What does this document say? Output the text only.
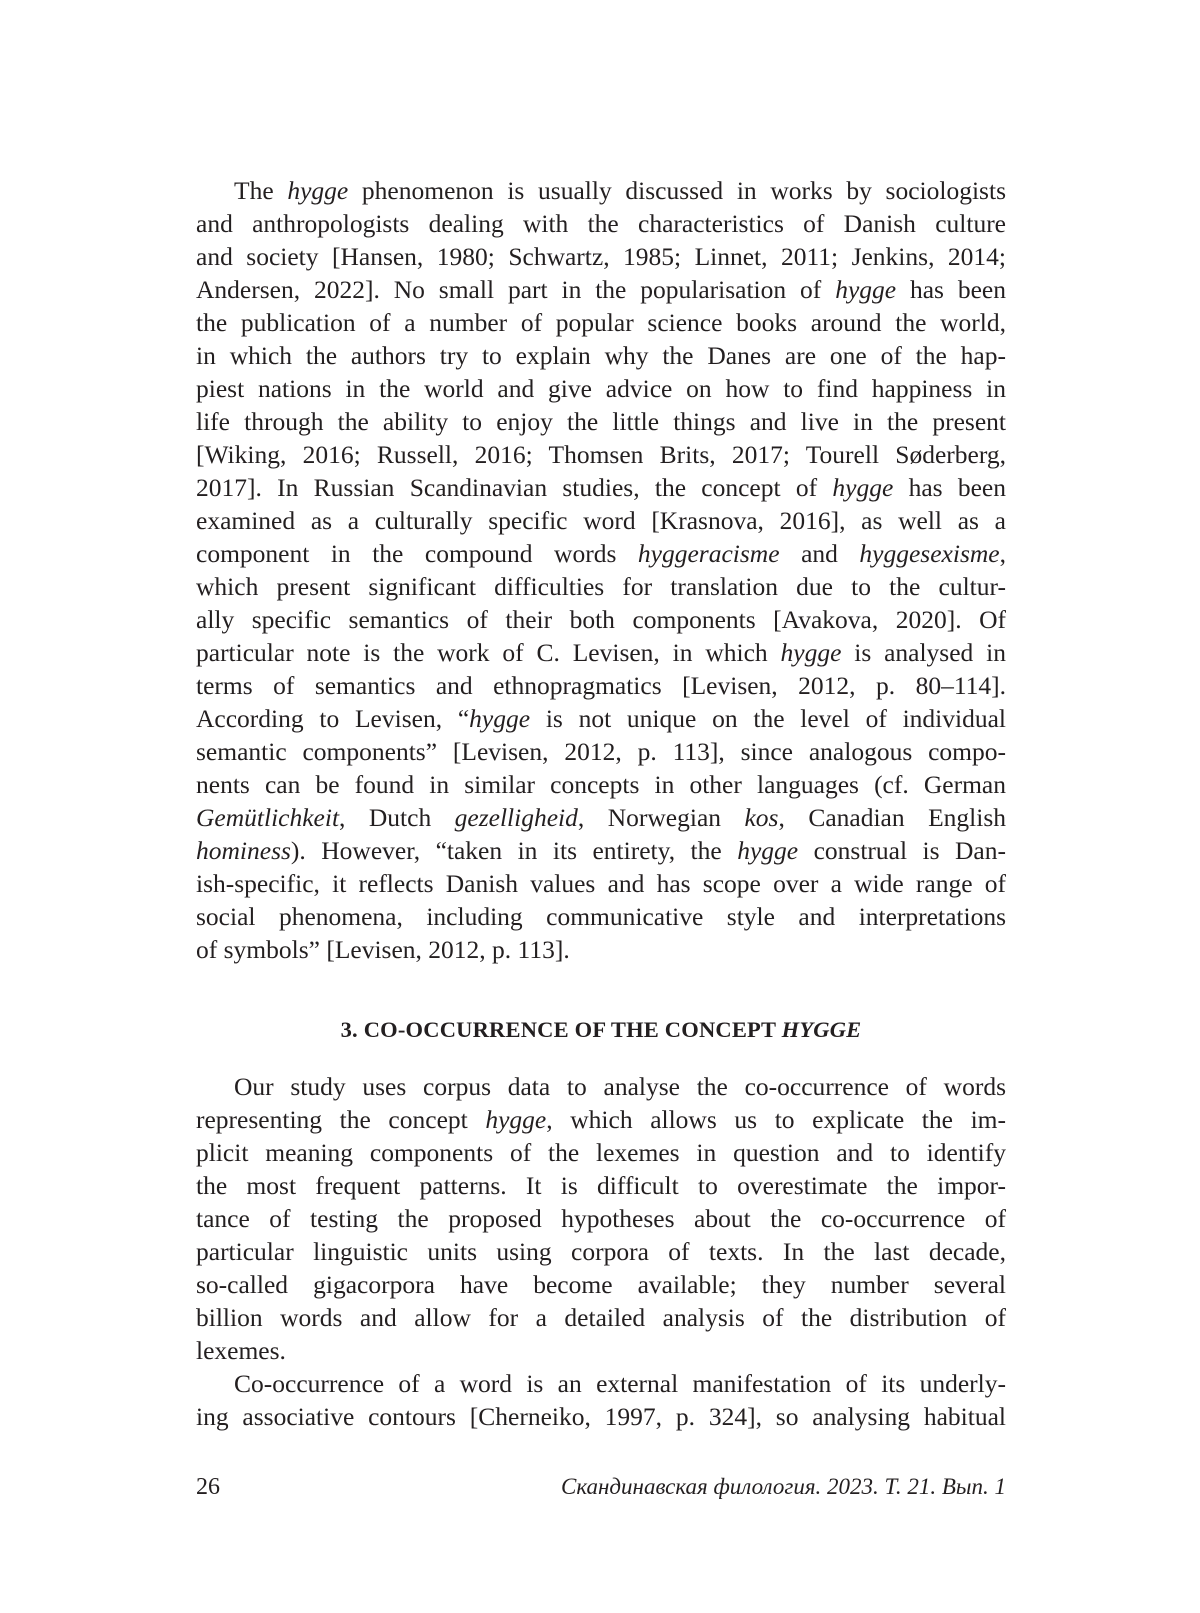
The hygge phenomenon is usually discussed in works by sociologists
and anthropologists dealing with the characteristics of Danish culture
and society [Hansen, 1980; Schwartz, 1985; Linnet, 2011; Jenkins, 2014;
Andersen, 2022]. No small part in the popularisation of hygge has been
the publication of a number of popular science books around the world,
in which the authors try to explain why the Danes are one of the hap-
piest nations in the world and give advice on how to find happiness in
life through the ability to enjoy the little things and live in the present
[Wiking, 2016; Russell, 2016; Thomsen Brits, 2017; Tourell Søderberg,
2017]. In Russian Scandinavian studies, the concept of hygge has been
examined as a culturally specific word [Krasnova, 2016], as well as a
component in the compound words hyggeracisme and hyggesexisme,
which present significant difficulties for translation due to the cultur-
ally specific semantics of their both components [Avakova, 2020]. Of
particular note is the work of C. Levisen, in which hygge is analysed in
terms of semantics and ethnopragmatics [Levisen, 2012, p. 80–114].
According to Levisen, “hygge is not unique on the level of individual
semantic components” [Levisen, 2012, p. 113], since analogous compo-
nents can be found in similar concepts in other languages (cf. German
Gemütlichkeit, Dutch gezelligheid, Norwegian kos, Canadian English
hominess). However, “taken in its entirety, the hygge construal is Dan-
ish-specific, it reflects Danish values and has scope over a wide range of
social phenomena, including communicative style and interpretations
of symbols” [Levisen, 2012, p. 113].
3. CO-OCCURRENCE OF THE CONCEPT HYGGE
Our study uses corpus data to analyse the co-occurrence of words
representing the concept hygge, which allows us to explicate the im-
plicit meaning components of the lexemes in question and to identify
the most frequent patterns. It is difficult to overestimate the impor-
tance of testing the proposed hypotheses about the co-occurrence of
particular linguistic units using corpora of texts. In the last decade,
so-called gigacorpora have become available; they number several
billion words and allow for a detailed analysis of the distribution of
lexemes.
Co-occurrence of a word is an external manifestation of its underly-
ing associative contours [Cherneiko, 1997, p. 324], so analysing habitual
26	Скандинавская филология. 2023. Т. 21. Вып. 1
